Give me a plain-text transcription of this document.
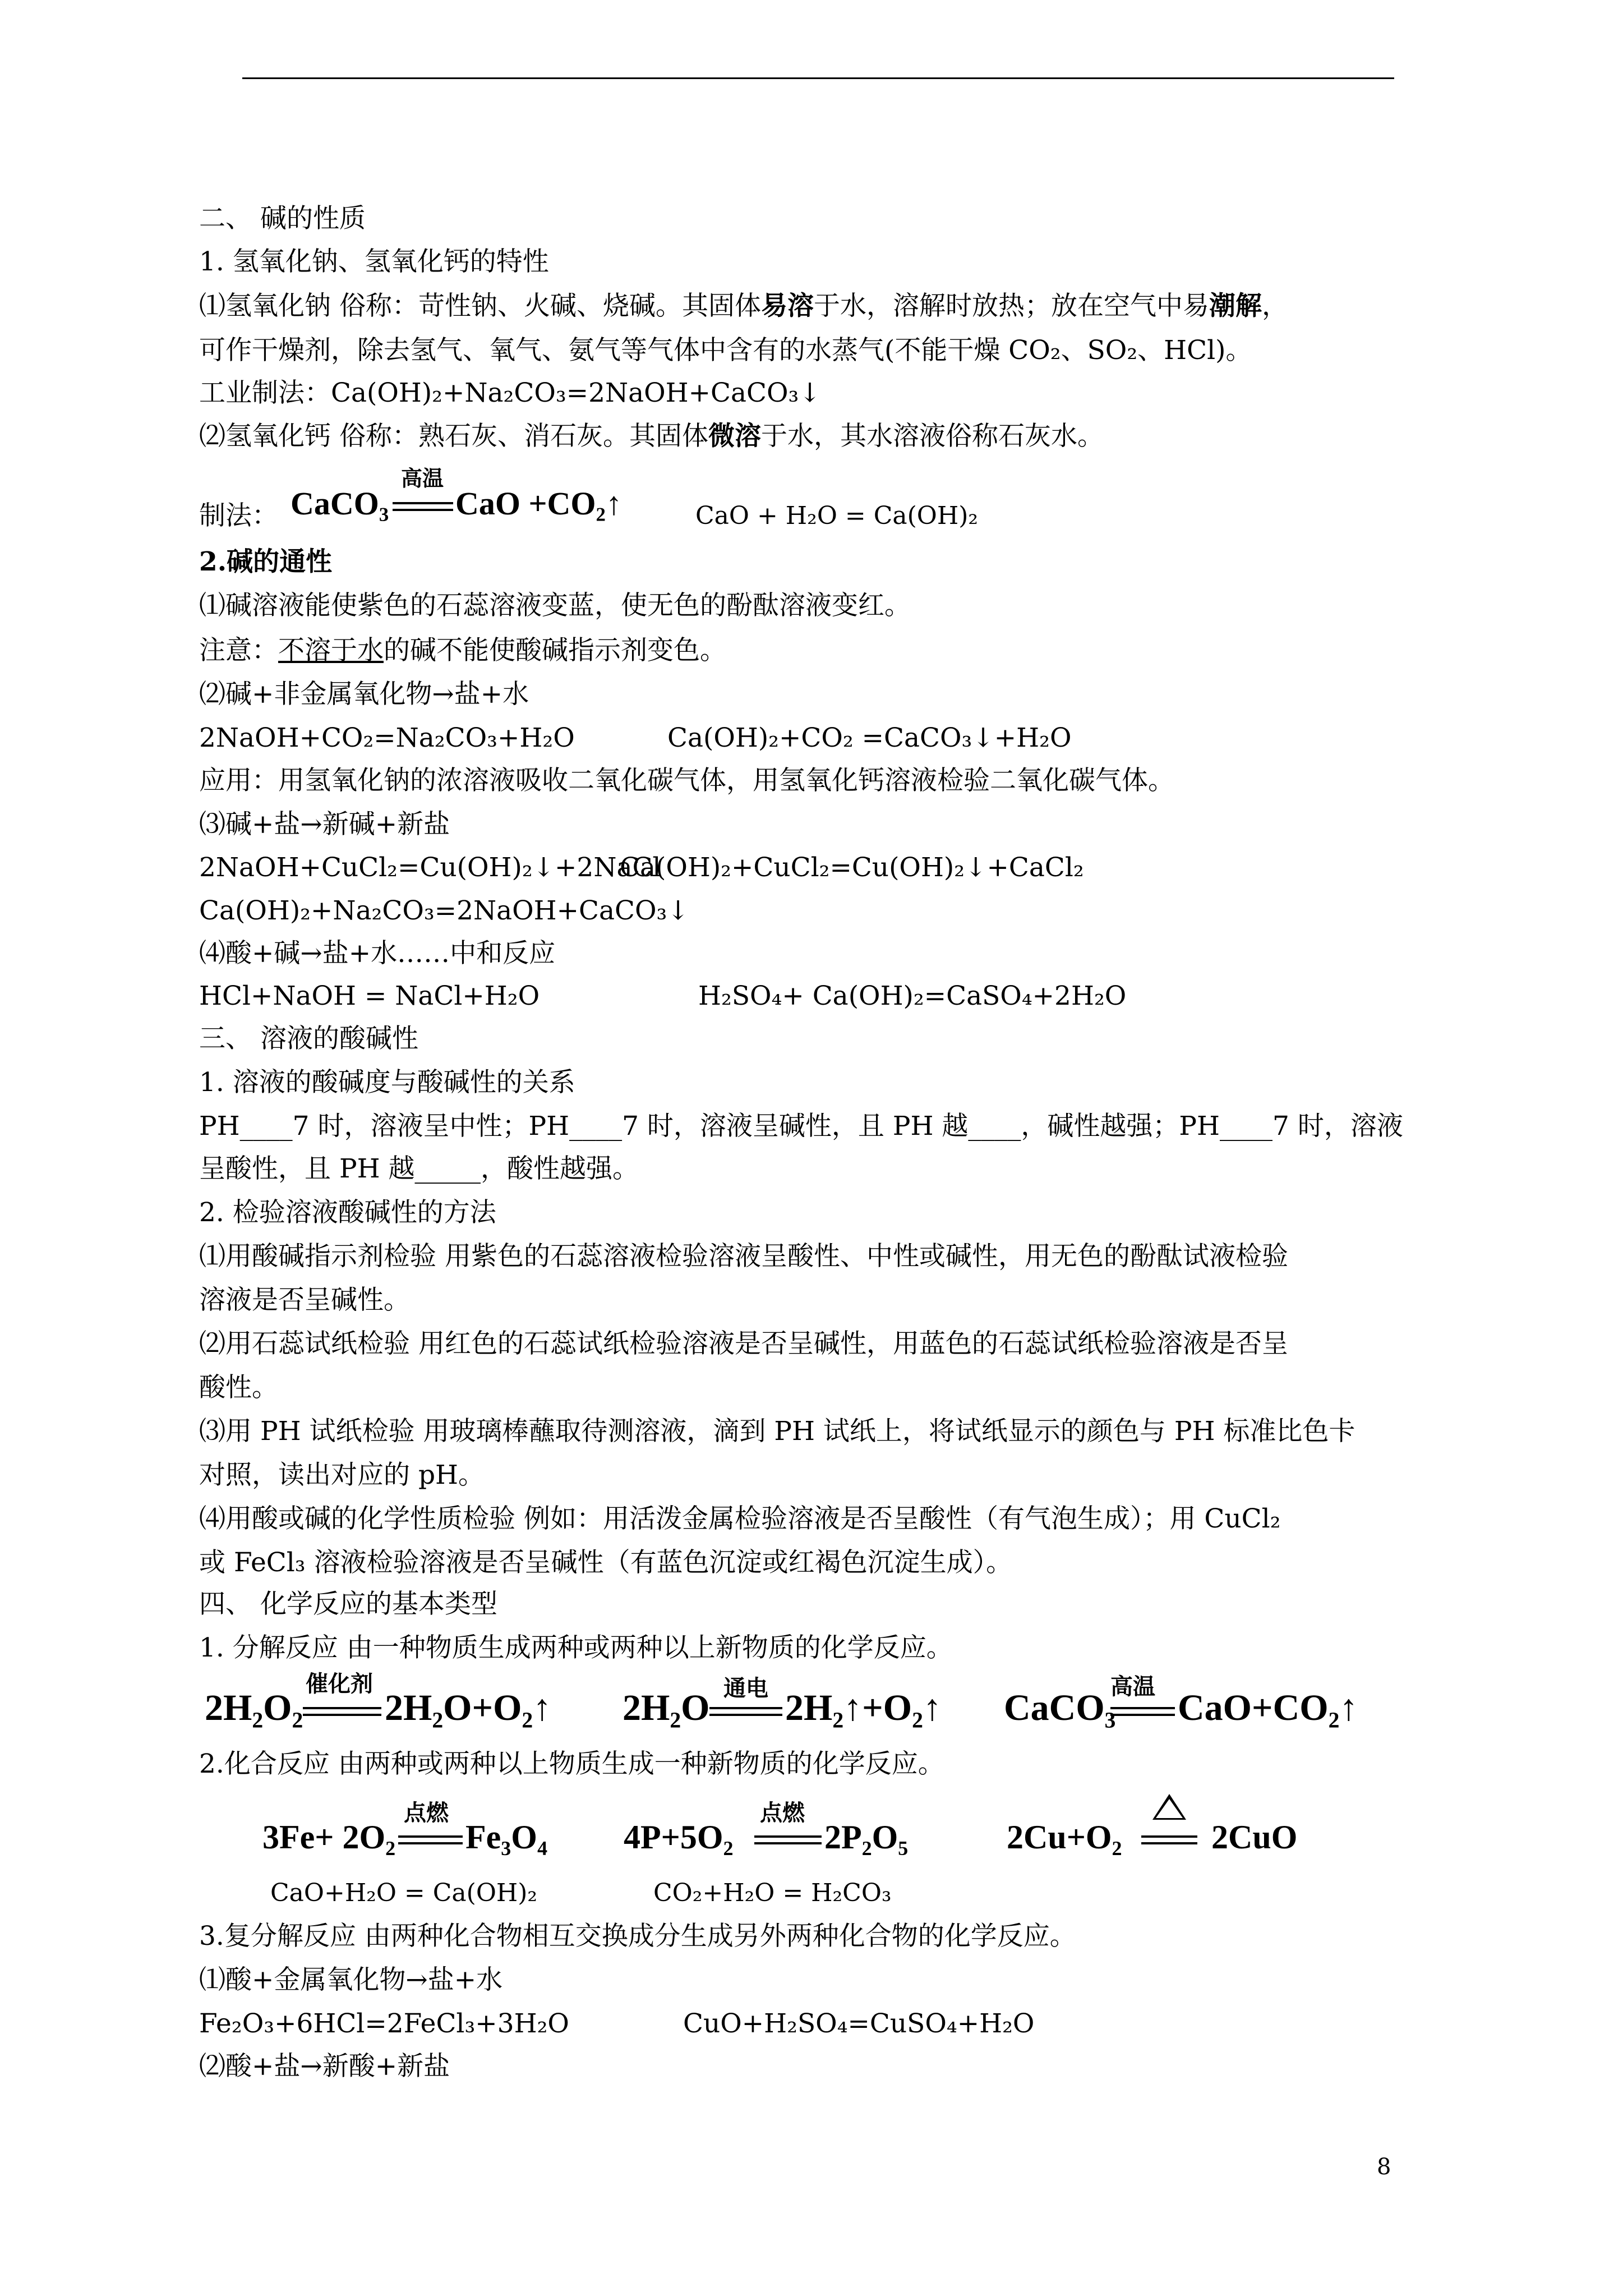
二、 碱的性质
1. 氢氧化钠、氢氧化钙的特性
⑴氢氧化钠 俗称：苛性钠、火碱、烧碱。其固体易溶于水，溶解时放热；放在空气中易潮解，
可作干燥剂，除去氢气、氧气、氨气等气体中含有的水蒸气(不能干燥 CO₂、SO₂、HCl)。
工业制法：Ca(OH)₂+Na₂CO₃=2NaOH+CaCO₃↓
⑵氢氧化钙 俗称：熟石灰、消石灰。其固体微溶于水，其水溶液俗称石灰水。
制法： CaCO₃
高温
CaO +CO₂↑	CaO + H₂O = Ca(OH)₂
2.碱的通性
⑴碱溶液能使紫色的石蕊溶液变蓝，使无色的酚酞溶液变红。
注意：不溶于水的碱不能使酸碱指示剂变色。
⑵碱+非金属氧化物→盐+水
2NaOH+CO₂=Na₂CO₃+H₂O	Ca(OH)₂+CO₂ =CaCO₃↓+H₂O
应用：用氢氧化钠的浓溶液吸收二氧化碳气体，用氢氧化钙溶液检验二氧化碳气体。
⑶碱+盐→新碱+新盐
2NaOH+CuCl₂=Cu(OH)₂↓+2NaCl
Ca(OH)₂+CuCl₂=Cu(OH)₂↓+CaCl₂
Ca(OH)₂+Na₂CO₃=2NaOH+CaCO₃↓
⑷酸+碱→盐+水……中和反应
HCl+NaOH = NaCl+H₂O	H₂SO₄+ Ca(OH)₂=CaSO₄+2H₂O
三、 溶液的酸碱性
1. 溶液的酸碱度与酸碱性的关系
PH____7 时，溶液呈中性；PH____7 时，溶液呈碱性，且 PH 越____，碱性越强；PH____7 时，溶液
呈酸性，且 PH 越_____，酸性越强。
2. 检验溶液酸碱性的方法
⑴用酸碱指示剂检验 用紫色的石蕊溶液检验溶液呈酸性、中性或碱性，用无色的酚酞试液检验
溶液是否呈碱性。
⑵用石蕊试纸检验 用红色的石蕊试纸检验溶液是否呈碱性，用蓝色的石蕊试纸检验溶液是否呈
酸性。
⑶用 PH 试纸检验 用玻璃棒蘸取待测溶液，滴到 PH 试纸上，将试纸显示的颜色与 PH 标准比色卡
对照，读出对应的 pH。
⑷用酸或碱的化学性质检验 例如：用活泼金属检验溶液是否呈酸性（有气泡生成）；用 CuCl₂
或 FeCl₃ 溶液检验溶液是否呈碱性（有蓝色沉淀或红褐色沉淀生成）。
四、 化学反应的基本类型
1. 分解反应 由一种物质生成两种或两种以上新物质的化学反应。
2H₂O₂
催化剂
2H₂O+O₂↑ 2H₂O 通电 2H₂↑+O₂↑ CaCO₃
高温
CaO+CO₂↑
2.化合反应 由两种或两种以上物质生成一种新物质的化学反应。
3Fe+ 2O₂
点燃
Fe₃O₄ 4P+5O₂
点燃
2P₂O₅	2Cu+O₂	2CuO
CaO+H₂O = Ca(OH)₂	CO₂+H₂O = H₂CO₃
3.复分解反应 由两种化合物相互交换成分生成另外两种化合物的化学反应。
⑴酸+金属氧化物→盐+水
Fe₂O₃+6HCl=2FeCl₃+3H₂O	CuO+H₂SO₄=CuSO₄+H₂O
⑵酸+盐→新酸+新盐
8
